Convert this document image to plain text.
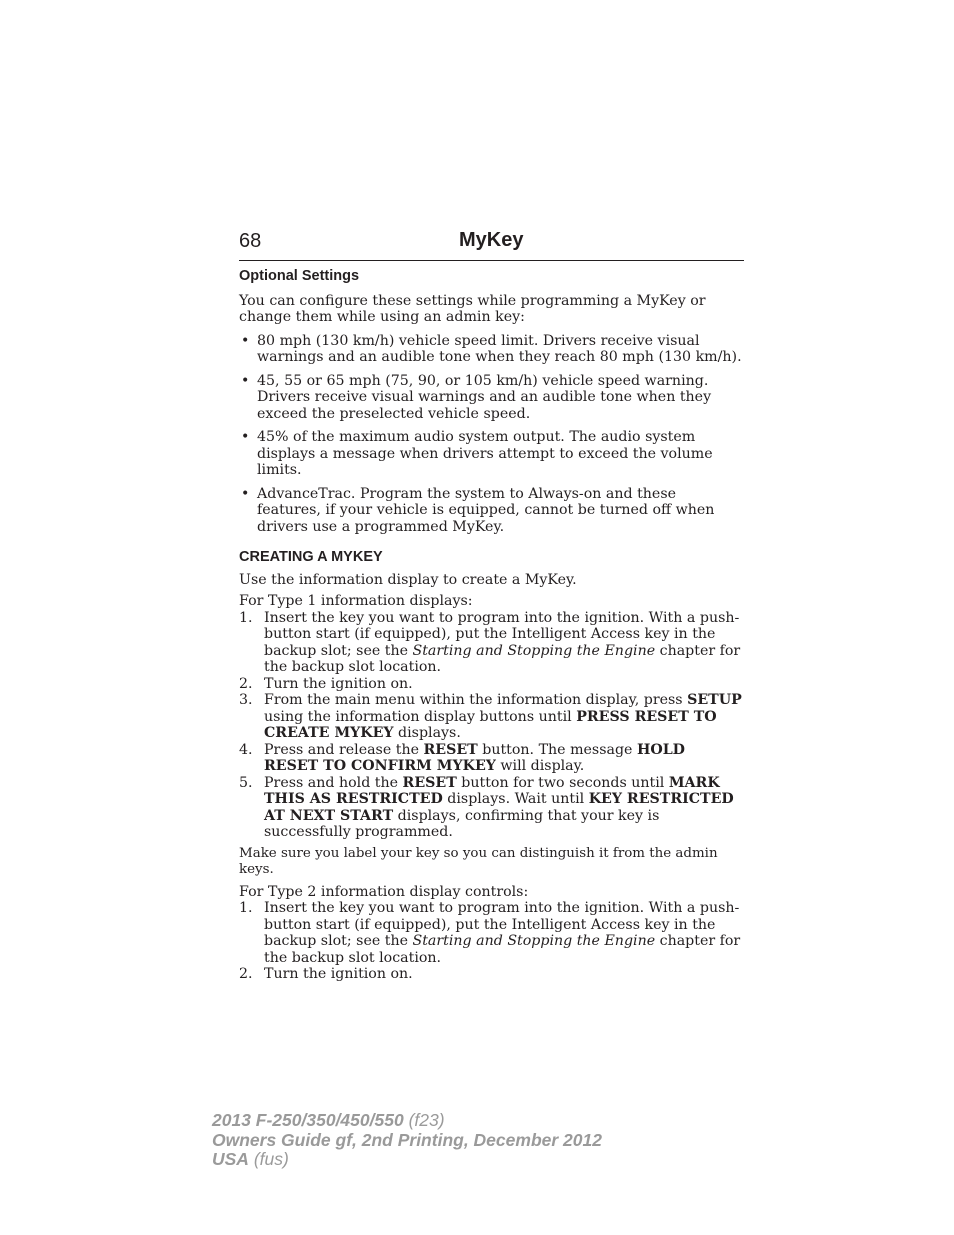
68	MyKey
Optional Settings

You can configure these settings while programming a MyKey or change them while using an admin key:

• 80 mph (130 km/h) vehicle speed limit. Drivers receive visual warnings and an audible tone when they reach 80 mph (130 km/h).
• 45, 55 or 65 mph (75, 90, or 105 km/h) vehicle speed warning. Drivers receive visual warnings and an audible tone when they exceed the preselected vehicle speed.
• 45% of the maximum audio system output. The audio system displays a message when drivers attempt to exceed the volume limits.
• AdvanceTrac. Program the system to Always-on and these features, if your vehicle is equipped, cannot be turned off when drivers use a programmed MyKey.
CREATING A MYKEY

Use the information display to create a MyKey.

For Type 1 information displays:

1. Insert the key you want to program into the ignition. With a push-button start (if equipped), put the Intelligent Access key in the backup slot; see the Starting and Stopping the Engine chapter for the backup slot location.
2. Turn the ignition on.
3. From the main menu within the information display, press SETUP using the information display buttons until PRESS RESET TO CREATE MYKEY displays.
4. Press and release the RESET button. The message HOLD RESET TO CONFIRM MYKEY will display.
5. Press and hold the RESET button for two seconds until MARK THIS AS RESTRICTED displays. Wait until KEY RESTRICTED AT NEXT START displays, confirming that your key is successfully programmed.

Make sure you label your key so you can distinguish it from the admin keys.

For Type 2 information display controls:

1. Insert the key you want to program into the ignition. With a push-button start (if equipped), put the Intelligent Access key in the backup slot; see the Starting and Stopping the Engine chapter for the backup slot location.
2. Turn the ignition on.
2013 F-250/350/450/550 (f23)
Owners Guide gf, 2nd Printing, December 2012
USA (fus)
